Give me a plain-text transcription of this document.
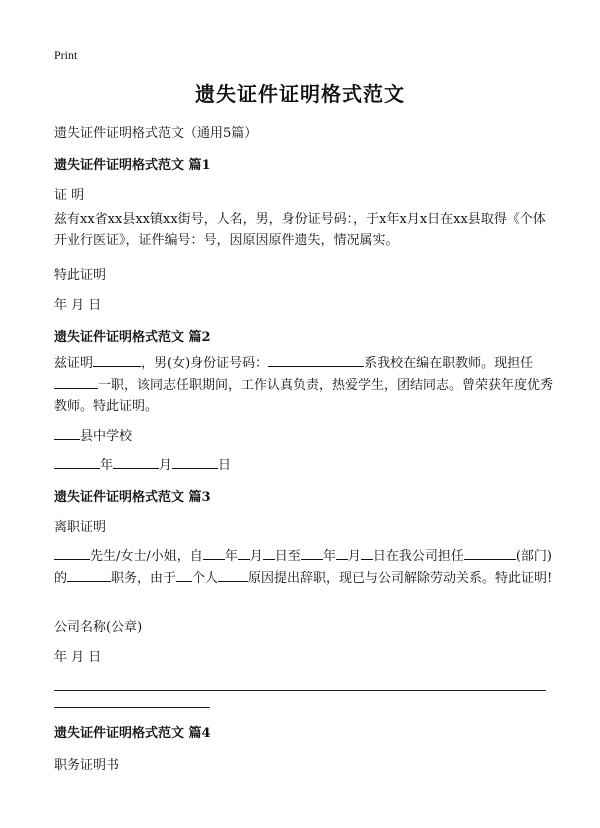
Print
遗失证件证明格式范文
遗失证件证明格式范文（通用5篇）
遗失证件证明格式范文 篇1
证 明
兹有xx省xx县xx镇xx街号，人名，男，身份证号码：，于x年x月x日在xx县取得《个体开业行医证》，证件编号：号，因原因原件遗失，情况属实。
特此证明
年 月 日
遗失证件证明格式范文 篇2
兹证明	，男(女)身份证号码：	系我校在编在职教师。现担任一职，该同志任职期间，工作认真负责，热爱学生，团结同志。曾荣获年度优秀教师。特此证明。
县中学校
年	月	日
遗失证件证明格式范文 篇3
离职证明
先生/女士/小姐，自 年 月 日至 年 月 日在我公司担任	(部门)的	职务，由于 个人 原因提出辞职，现已与公司解除劳动关系。特此证明!
公司名称(公章)
年 月 日
遗失证件证明格式范文 篇4
职务证明书
